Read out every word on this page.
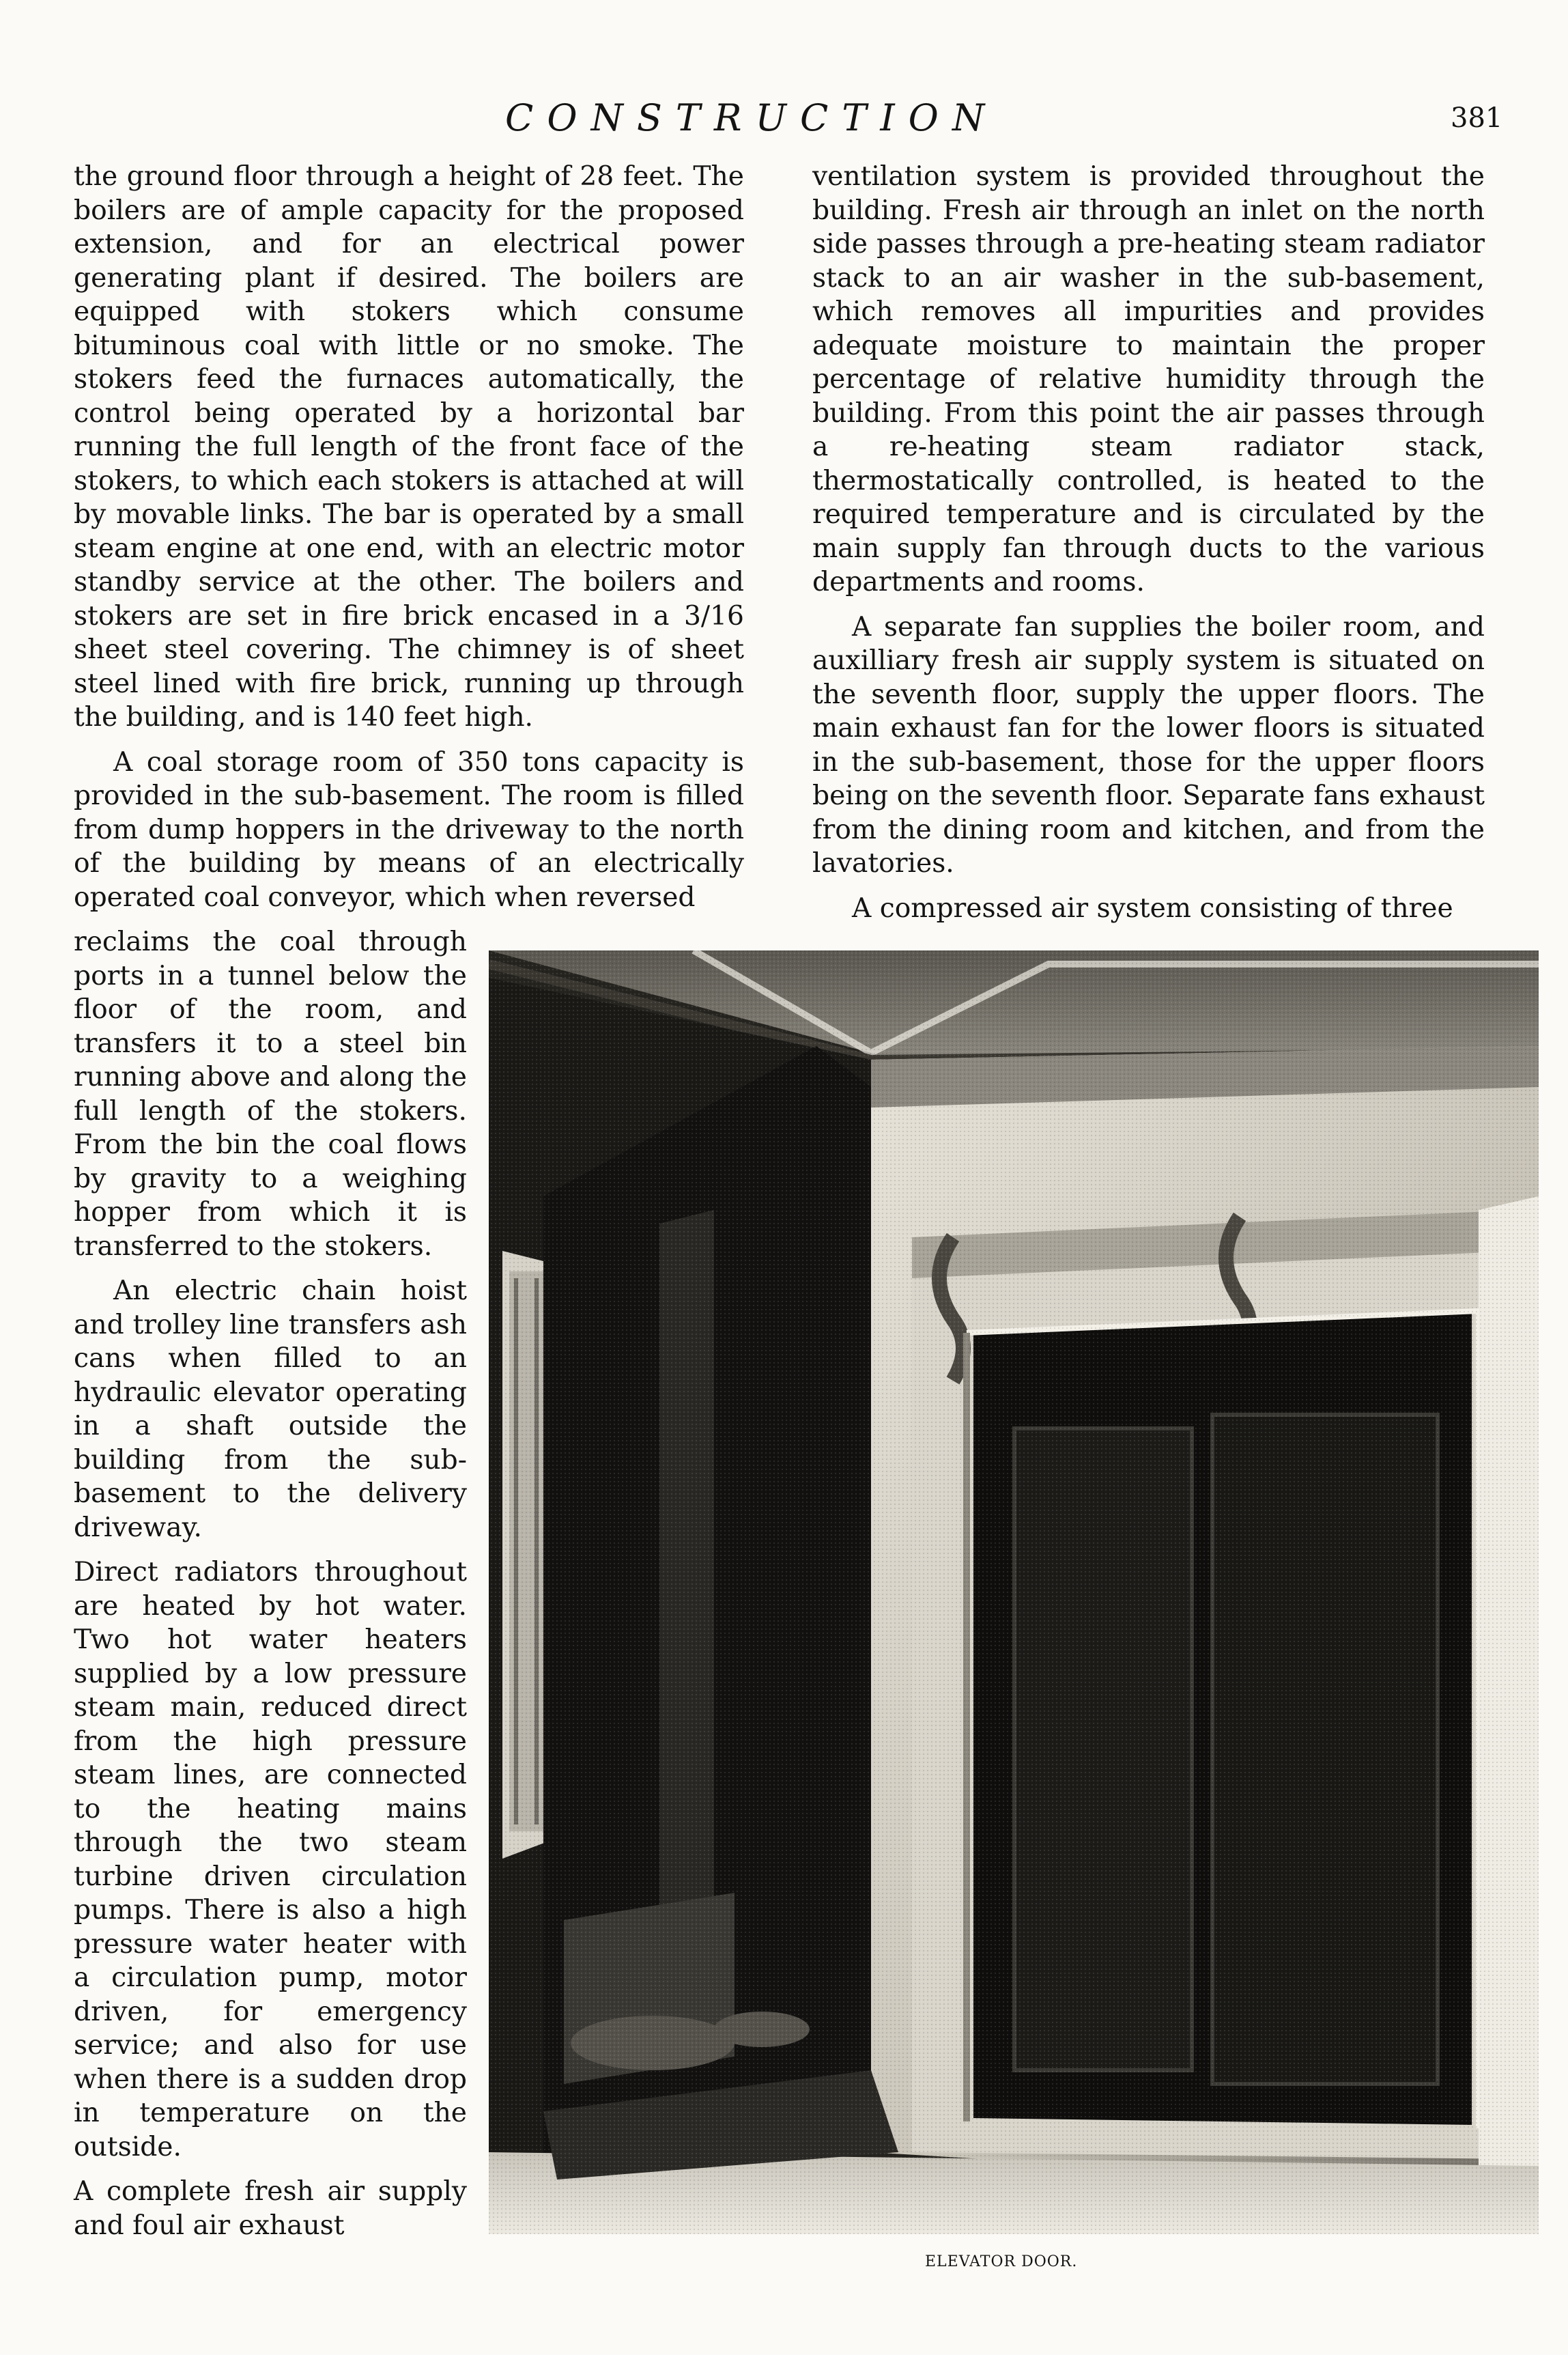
CONSTRUCTION	381

the ground floor through a height of 28 feet. The boilers are of ample capacity for the proposed extension, and for an electrical power generating plant if desired. The boilers are equipped with stokers which consume bituminous coal with little or no smoke. The stokers feed the furnaces automatically, the control being operated by a horizontal bar running the full length of the front face of the stokers, to which each stokers is attached at will by movable links. The bar is operated by a small steam engine at one end, with an electric motor standby service at the other. The boilers and stokers are set in fire brick encased in a 3/16 sheet steel covering. The chimney is of sheet steel lined with fire brick, running up through the building, and is 140 feet high.

A coal storage room of 350 tons capacity is provided in the sub-basement. The room is filled from dump hoppers in the driveway to the north of the building by means of an electrically operated coal conveyor, which when reversed

reclaims the coal through ports in a tunnel below the floor of the room, and transfers it to a steel bin running above and along the full length of the stokers. From the bin the coal flows by gravity to a weighing hopper from which it is transferred to the stokers.

An electric chain hoist and trolley line transfers ash cans when filled to an hydraulic elevator operating in a shaft outside the building from the sub-basement to the delivery driveway.

Direct radiators throughout are heated by hot water. Two hot water heaters supplied by a low pressure steam main, reduced direct from the high pressure steam lines, are connected to the heating mains through the two steam turbine driven circulation pumps. There is also a high pressure water heater with a circulation pump, motor driven, for emergency service; and also for use when there is a sudden drop in temperature on the outside.

A complete fresh air supply and foul air exhaust

ventilation system is provided throughout the building. Fresh air through an inlet on the north side passes through a pre-heating steam radiator stack to an air washer in the sub-basement, which removes all impurities and provides adequate moisture to maintain the proper percentage of relative humidity through the building. From this point the air passes through a re-heating steam radiator stack, thermostatically controlled, is heated to the required temperature and is circulated by the main supply fan through ducts to the various departments and rooms.

A separate fan supplies the boiler room, and auxilliary fresh air supply system is situated on the seventh floor, supply the upper floors. The main exhaust fan for the lower floors is situated in the sub-basement, those for the upper floors being on the seventh floor. Separate fans exhaust from the dining room and kitchen, and from the lavatories.

A compressed air system consisting of three

ELEVATOR DOOR.
